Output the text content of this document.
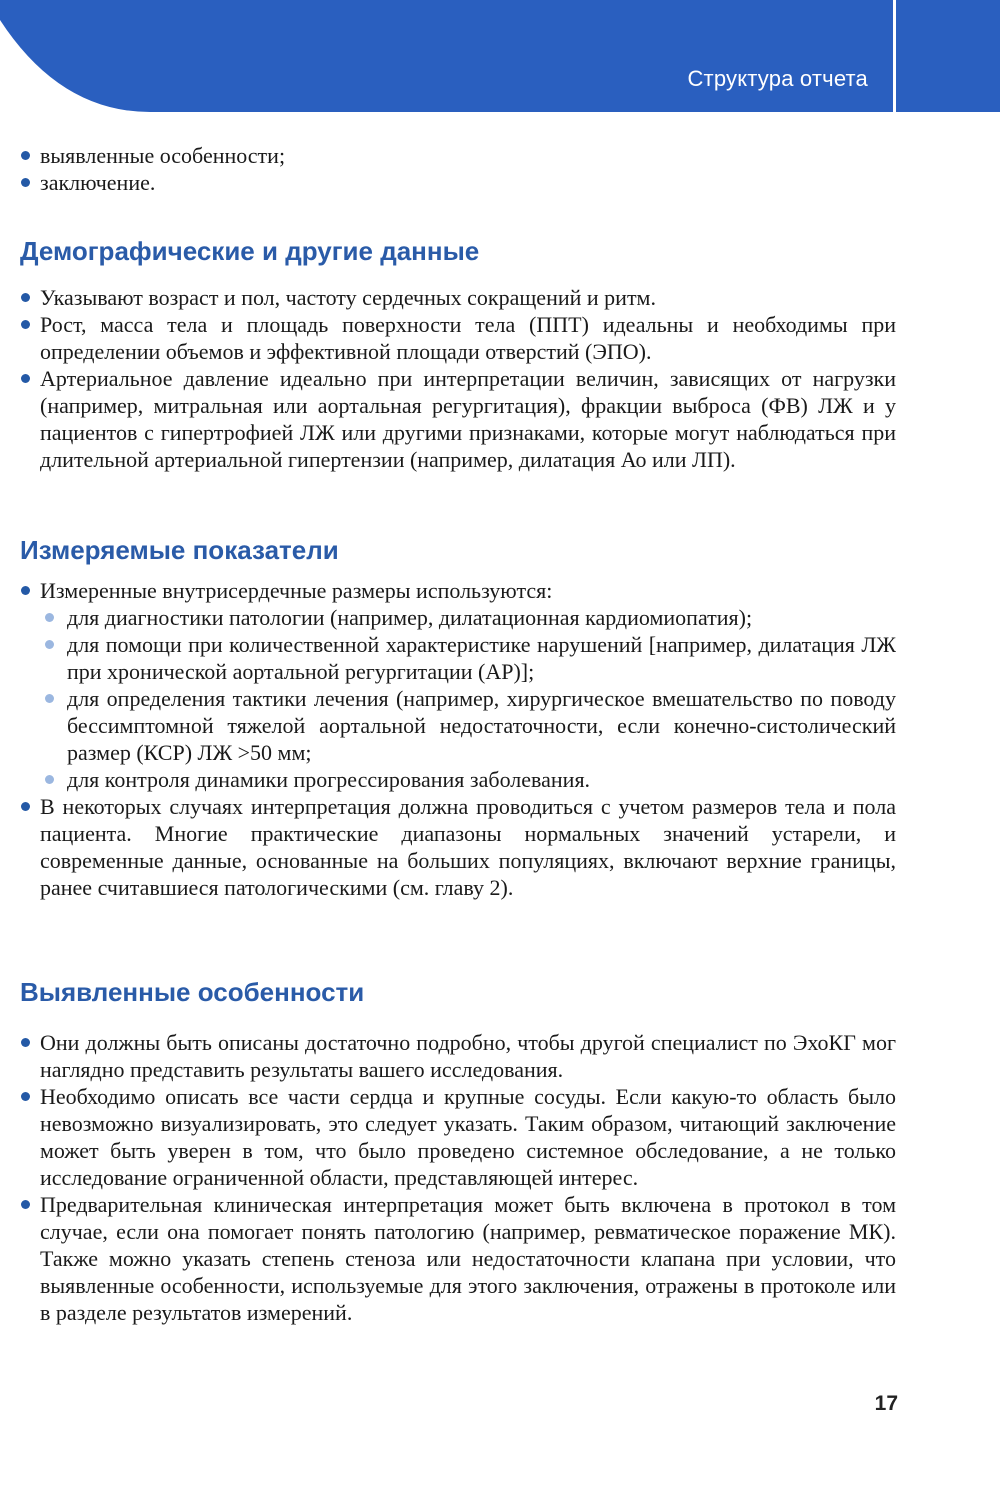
Структура отчета
выявленные особенности;
заключение.
Демографические и другие данные
Указывают возраст и пол, частоту сердечных сокращений и ритм.
Рост, масса тела и площадь поверхности тела (ППТ) идеальны и необходимы при определении объемов и эффективной площади отверстий (ЭПО).
Артериальное давление идеально при интерпретации величин, зависящих от нагрузки (например, митральная или аортальная регургитация), фракции выброса (ФВ) ЛЖ и у пациентов с гипертрофией ЛЖ или другими признаками, которые могут наблюдаться при длительной артериальной гипертензии (например, дилатация Ао или ЛП).
Измеряемые показатели
Измеренные внутрисердечные размеры используются:
для диагностики патологии (например, дилатационная кардиомиопатия);
для помощи при количественной характеристике нарушений [например, дилатация ЛЖ при хронической аортальной регургитации (АР)];
для определения тактики лечения (например, хирургическое вмешательство по поводу бессимптомной тяжелой аортальной недостаточности, если конечно-систолический размер (КСР) ЛЖ >50 мм;
для контроля динамики прогрессирования заболевания.
В некоторых случаях интерпретация должна проводиться с учетом размеров тела и пола пациента. Многие практические диапазоны нормальных значений устарели, и современные данные, основанные на больших популяциях, включают верхние границы, ранее считавшиеся патологическими (см. главу 2).
Выявленные особенности
Они должны быть описаны достаточно подробно, чтобы другой специалист по ЭхоКГ мог наглядно представить результаты вашего исследования.
Необходимо описать все части сердца и крупные сосуды. Если какую-то область было невозможно визуализировать, это следует указать. Таким образом, читающий заключение может быть уверен в том, что было проведено системное обследование, а не только исследование ограниченной области, представляющей интерес.
Предварительная клиническая интерпретация может быть включена в протокол в том случае, если она помогает понять патологию (например, ревматическое поражение МК). Также можно указать степень стеноза или недостаточности клапана при условии, что выявленные особенности, используемые для этого заключения, отражены в протоколе или в разделе результатов измерений.
17
